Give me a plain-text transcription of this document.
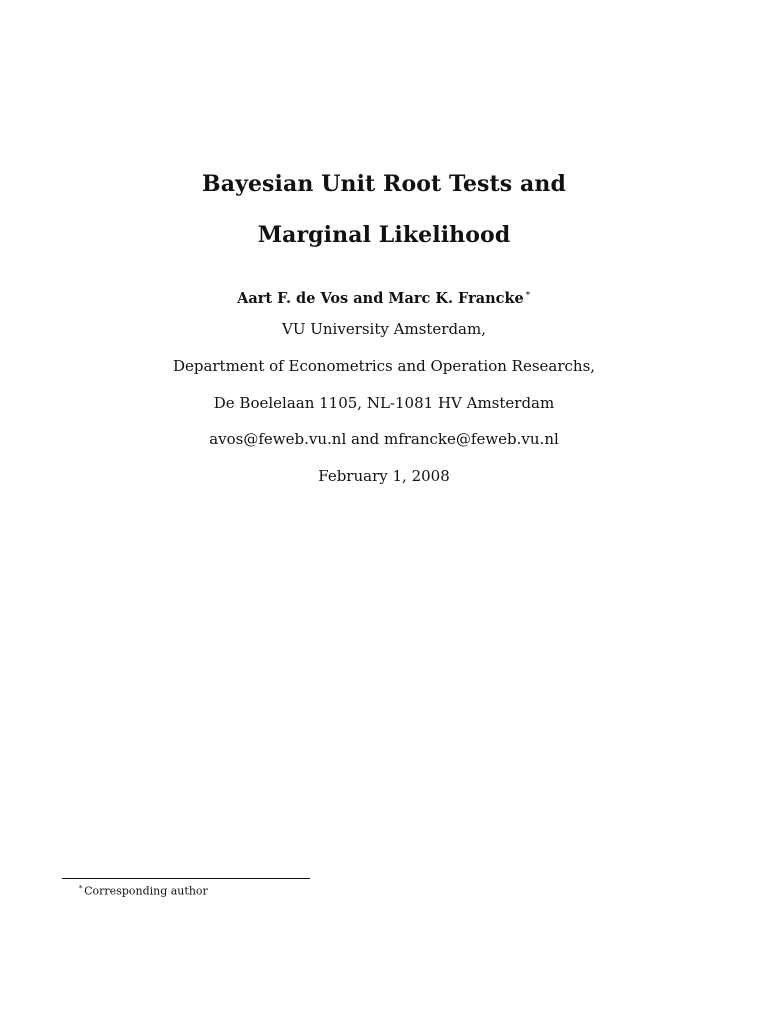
Bayesian Unit Root Tests and
Marginal Likelihood
Aart F. de Vos and Marc K. Francke∗
VU University Amsterdam,
Department of Econometrics and Operation Researchs,
De Boelelaan 1105, NL-1081 HV Amsterdam
avos@feweb.vu.nl and mfrancke@feweb.vu.nl
February 1, 2008
∗Corresponding author
